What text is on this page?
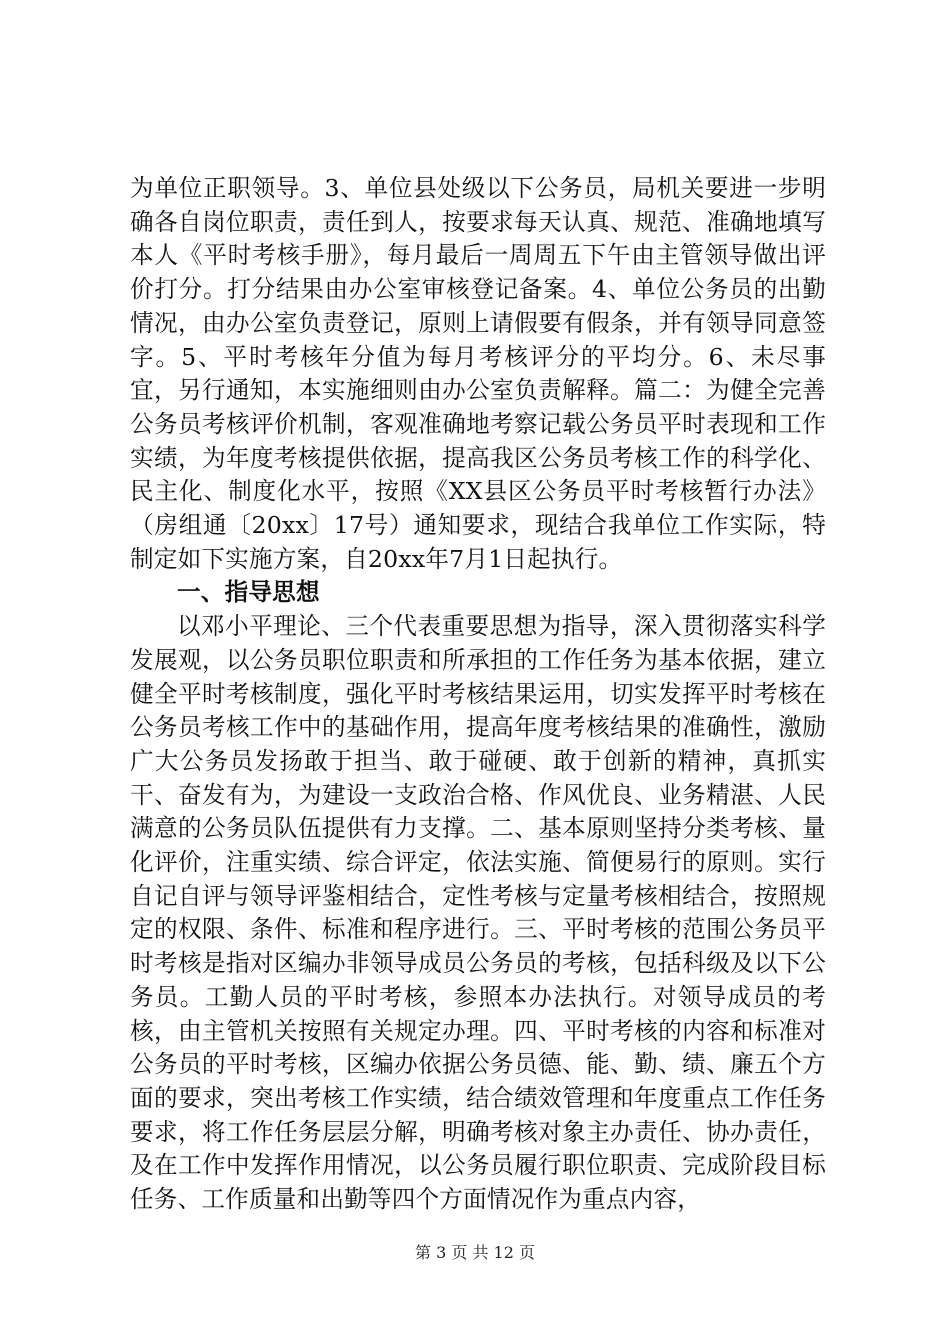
为单位正职领导。3、单位县处级以下公务员，局机关要进一步明确各自岗位职责，责任到人，按要求每天认真、规范、准确地填写本人《平时考核手册》，每月最后一周周五下午由主管领导做出评价打分。打分结果由办公室审核登记备案。4、单位公务员的出勤情况，由办公室负责登记，原则上请假要有假条，并有领导同意签字。5、平时考核年分值为每月考核评分的平均分。6、未尽事宜，另行通知，本实施细则由办公室负责解释。篇二：为健全完善公务员考核评价机制，客观准确地考察记载公务员平时表现和工作实绩，为年度考核提供依据，提高我区公务员考核工作的科学化、民主化、制度化水平，按照《XX县区公务员平时考核暂行办法》（房组通〔20xx〕17号）通知要求，现结合我单位工作实际，特制定如下实施方案，自20xx年7月1日起执行。

一、指导思想

以邓小平理论、三个代表重要思想为指导，深入贯彻落实科学发展观，以公务员职位职责和所承担的工作任务为基本依据，建立健全平时考核制度，强化平时考核结果运用，切实发挥平时考核在公务员考核工作中的基础作用，提高年度考核结果的准确性，激励广大公务员发扬敢于担当、敢于碰硬、敢于创新的精神，真抓实干、奋发有为，为建设一支政治合格、作风优良、业务精湛、人民满意的公务员队伍提供有力支撑。二、基本原则坚持分类考核、量化评价，注重实绩、综合评定，依法实施、简便易行的原则。实行自记自评与领导评鉴相结合，定性考核与定量考核相结合，按照规定的权限、条件、标准和程序进行。三、平时考核的范围公务员平时考核是指对区编办非领导成员公务员的考核，包括科级及以下公务员。工勤人员的平时考核，参照本办法执行。对领导成员的考核，由主管机关按照有关规定办理。四、平时考核的内容和标准对公务员的平时考核，区编办依据公务员德、能、勤、绩、廉五个方面的要求，突出考核工作实绩，结合绩效管理和年度重点工作任务要求，将工作任务层层分解，明确考核对象主办责任、协办责任，及在工作中发挥作用情况，以公务员履行职位职责、完成阶段目标任务、工作质量和出勤等四个方面情况作为重点内容，

第 3 页 共 12 页
